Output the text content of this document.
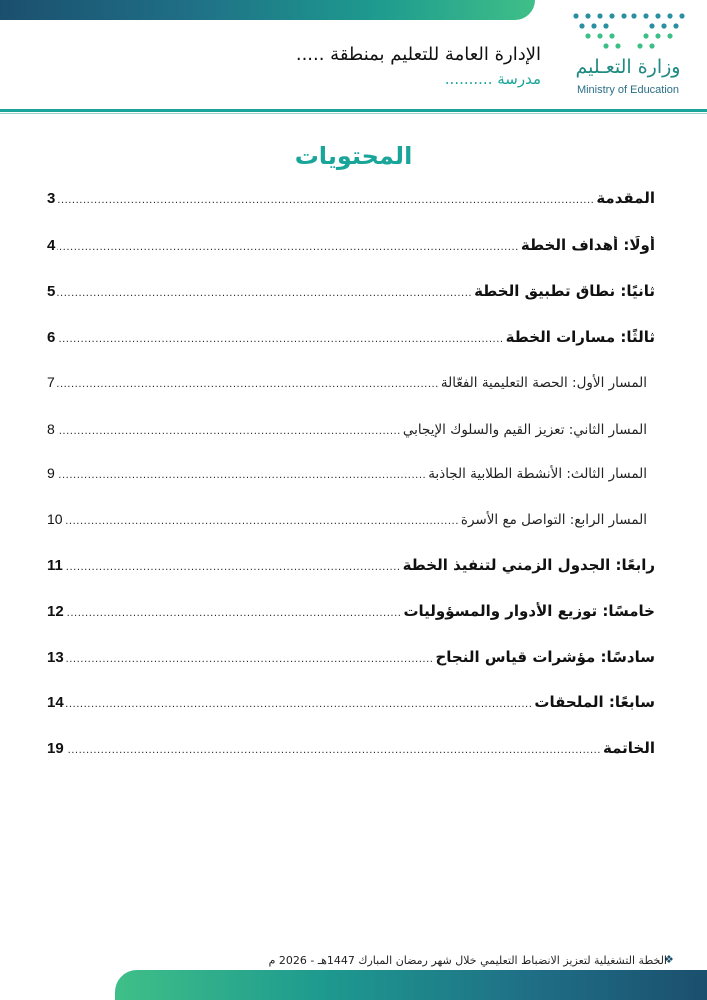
وزارة التعـليم
Ministry of Education
الإدارة العامة للتعليم بمنطقة .....
مدرسة ..........
المحتويات
المقدمة
.....
3
أولًا: أهداف الخطة
.....
4
ثانيًا: نطاق تطبيق الخطة
.....
5
ثالثًا: مسارات الخطة
.....
6
المسار الأول: الحصة التعليمية الفعّالة
.....
7
المسار الثاني: تعزيز القيم والسلوك الإيجابي
.....
8
المسار الثالث: الأنشطة الطلابية الجاذبة
.....
9
المسار الرابع: التواصل مع الأسرة
.....
10
رابعًا: الجدول الزمني لتنفيذ الخطة
.....
11
خامسًا: توزيع الأدوار والمسؤوليات
.....
12
سادسًا: مؤشرات قياس النجاح
.....
13
سابعًا: الملحقات
.....
14
الخاتمة
.....
19
❖
الخطة التشغيلية لتعزيز الانضباط التعليمي خلال شهر رمضان المبارك 1447هـ - 2026 م
